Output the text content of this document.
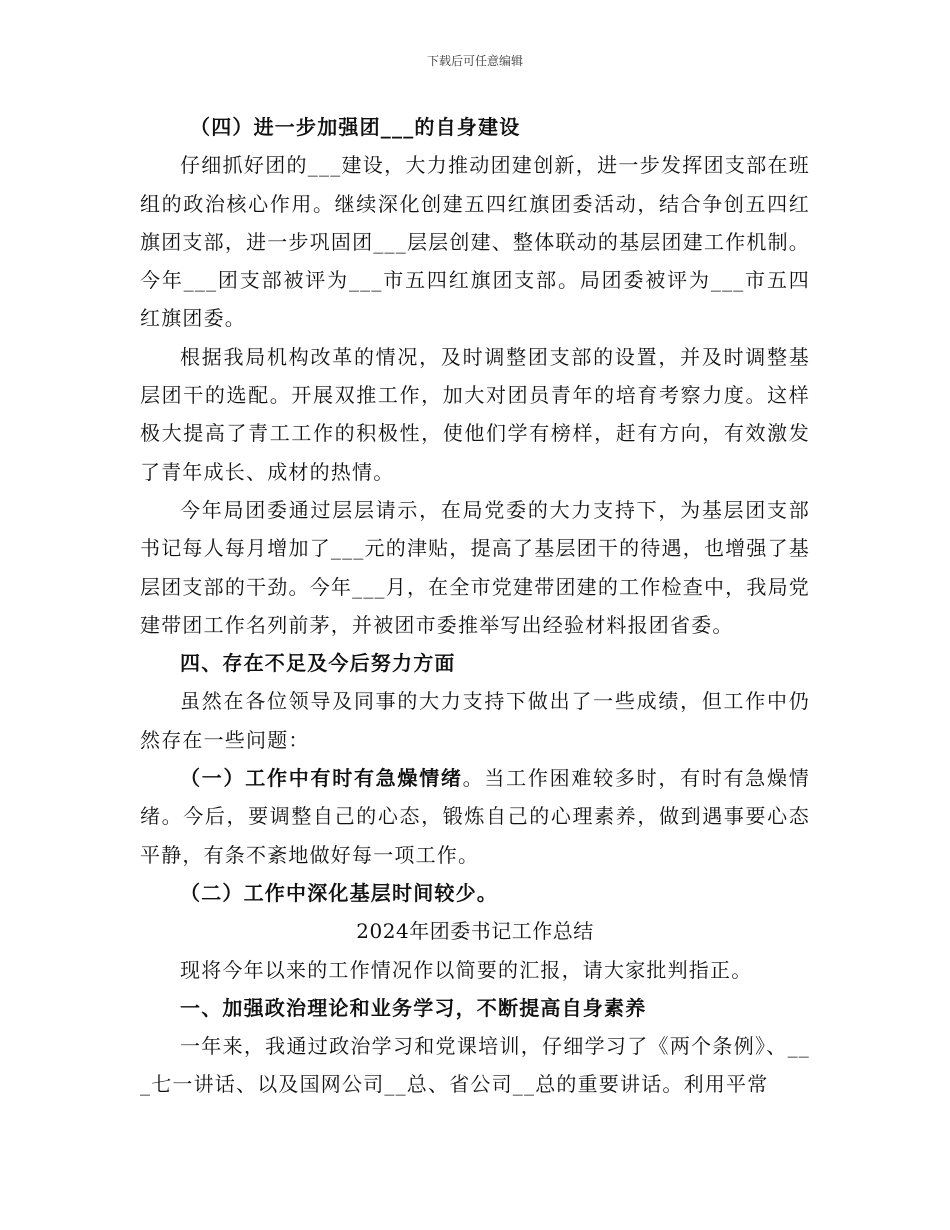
下载后可任意编辑

（四）进一步加强团___的自身建设

仔细抓好团的___建设，大力推动团建创新，进一步发挥团支部在班组的政治核心作用。继续深化创建五四红旗团委活动，结合争创五四红旗团支部，进一步巩固团___层层创建、整体联动的基层团建工作机制。今年___团支部被评为___市五四红旗团支部。局团委被评为___市五四红旗团委。

根据我局机构改革的情况，及时调整团支部的设置，并及时调整基层团干的选配。开展双推工作，加大对团员青年的培育考察力度。这样极大提高了青工工作的积极性，使他们学有榜样，赶有方向，有效激发了青年成长、成材的热情。

今年局团委通过层层请示，在局党委的大力支持下，为基层团支部书记每人每月增加了___元的津贴，提高了基层团干的待遇，也增强了基层团支部的干劲。今年___月，在全市党建带团建的工作检查中，我局党建带团工作名列前茅，并被团市委推举写出经验材料报团省委。

四、存在不足及今后努力方面

虽然在各位领导及同事的大力支持下做出了一些成绩，但工作中仍然存在一些问题：

（一）工作中有时有急燥情绪。当工作困难较多时，有时有急燥情绪。今后，要调整自己的心态，锻炼自己的心理素养，做到遇事要心态平静，有条不紊地做好每一项工作。

（二）工作中深化基层时间较少。

2024年团委书记工作总结

现将今年以来的工作情况作以简要的汇报，请大家批判指正。

一、加强政治理论和业务学习，不断提高自身素养

一年来，我通过政治学习和党课培训，仔细学习了《两个条例》、___七一讲话、以及国网公司__总、省公司__总的重要讲话。利用平常
